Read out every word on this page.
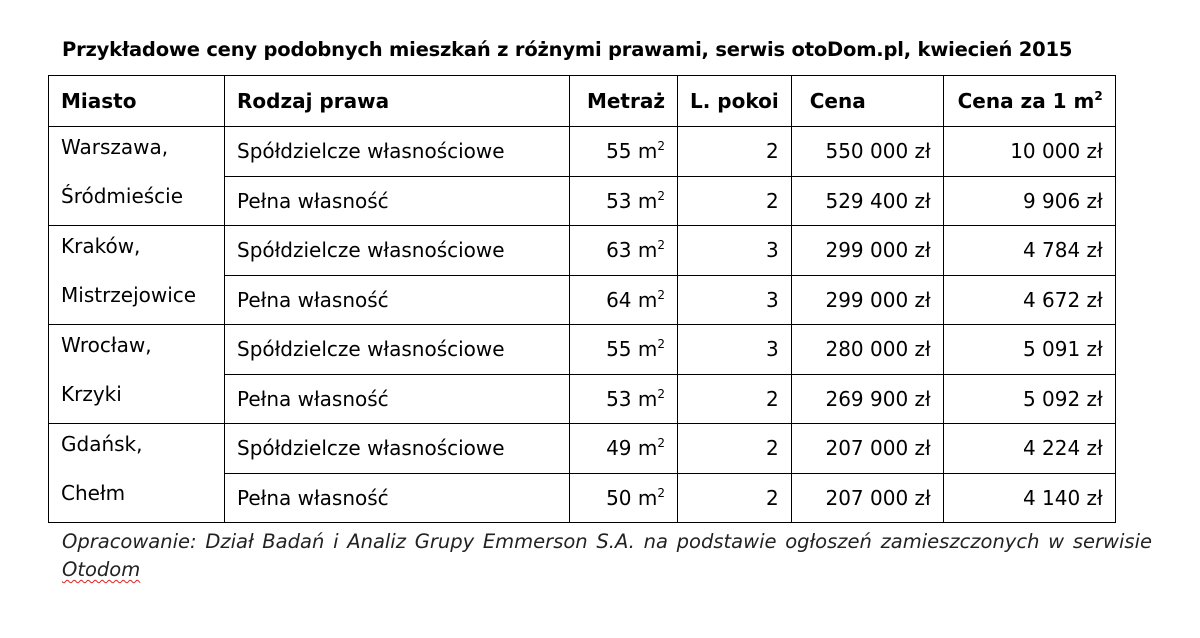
Przykładowe ceny podobnych mieszkań z różnymi prawami, serwis otoDom.pl, kwiecień 2015
Miasto	Rodzaj prawa	Metraż	L. pokoi	Cena	Cena za 1 $m^2$

Warszawa,
Śródmieście	Spółdzielcze własnościowe	55 $m^2$	2	550 000 zł	10 000 zł
	Pełna własność	53 $m^2$	2	529 400 zł	9 906 zł

Kraków,
Mistrzejowice	Spółdzielcze własnościowe	63 $m^2$	3	299 000 zł	4 784 zł
	Pełna własność	64 $m^2$	3	299 000 zł	4 672 zł

Wrocław,
Krzyki	Spółdzielcze własnościowe	55 $m^2$	3	280 000 zł	5 091 zł
	Pełna własność	53 $m^2$	2	269 900 zł	5 092 zł

Gdańsk,
Chełm	Spółdzielcze własnościowe	49 $m^2$	2	207 000 zł	4 224 zł
	Pełna własność	50 $m^2$	2	207 000 zł	4 140 zł
Opracowanie: Dział Badań i Analiz Grupy Emmerson S.A. na podstawie ogłoszeń zamieszczonych w serwisie Otodom
